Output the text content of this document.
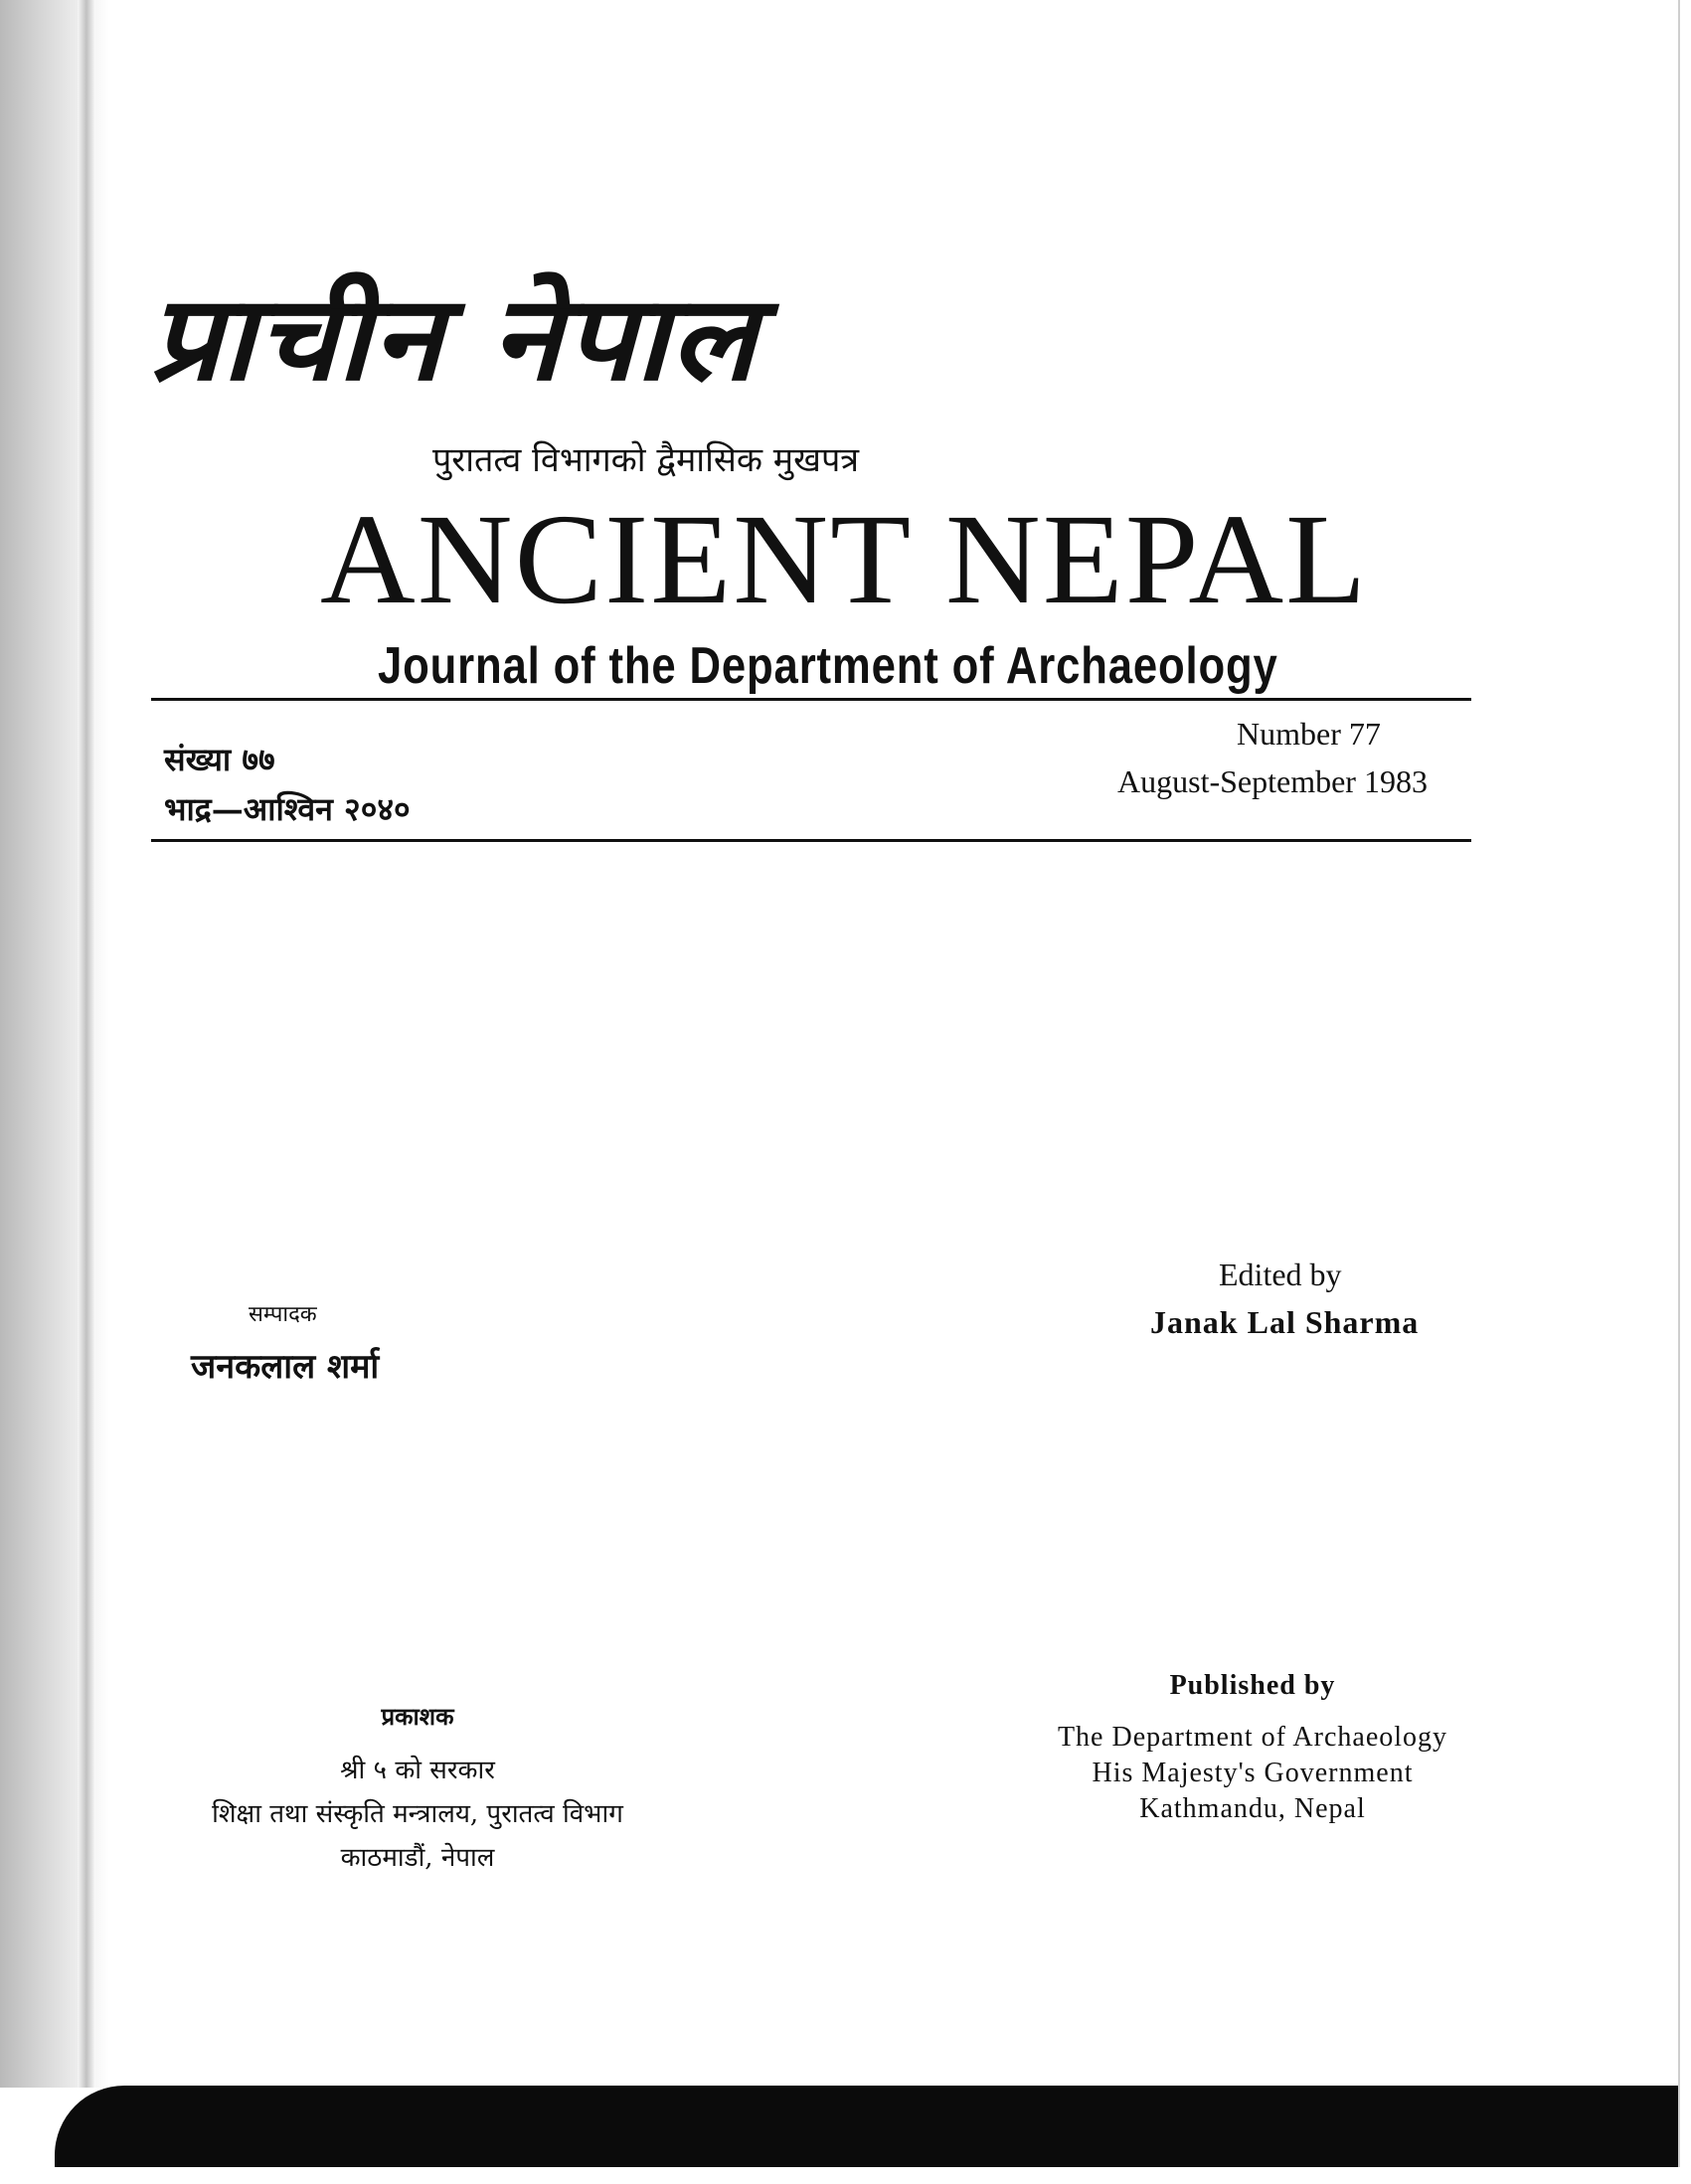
प्राचीन नेपाल
पुरातत्व विभागको द्वैमासिक मुखपत्र
ANCIENT NEPAL
Journal of the Department of Archaeology
संख्या ७७
भाद्र—आश्विन २०४०
Number 77
August-September 1983
सम्पादक
जनकलाल शर्मा
Edited by
Janak Lal Sharma
प्रकाशक
श्री ५ को सरकार
शिक्षा तथा संस्कृति मन्त्रालय, पुरातत्व विभाग
काठमाडौं, नेपाल
Published by
The Department of Archaeology
His Majesty's Government
Kathmandu, Nepal
